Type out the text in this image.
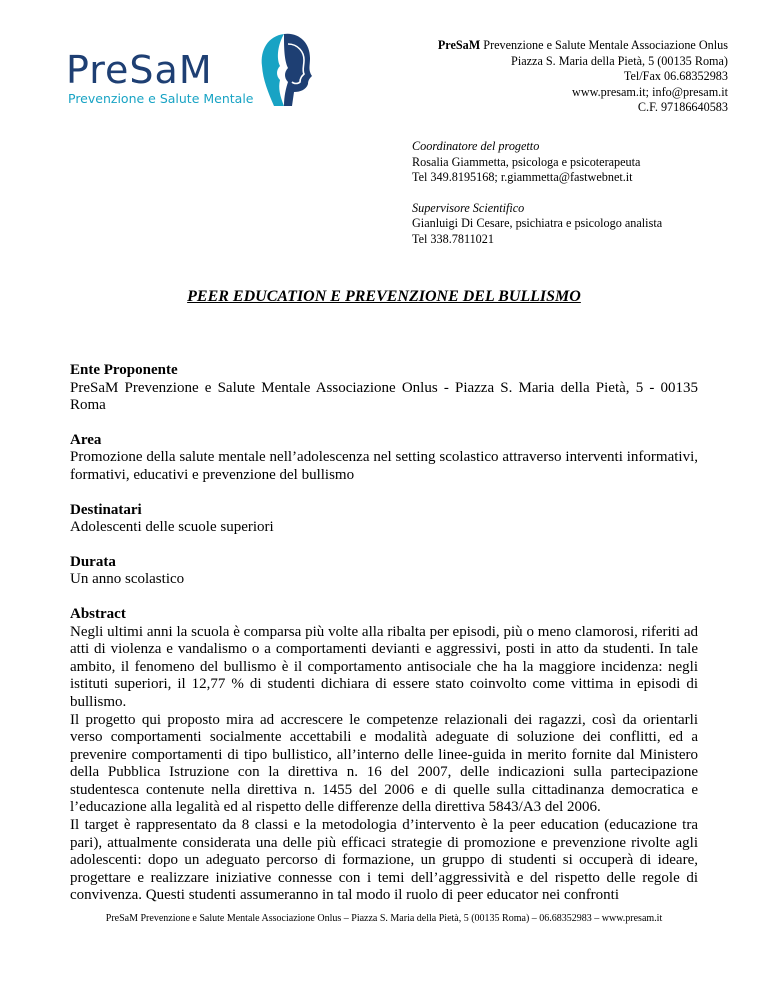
PreSaM
Prevenzione e Salute Mentale
PreSaM Prevenzione e Salute Mentale Associazione Onlus
Piazza S. Maria della Pietà, 5 (00135 Roma)
Tel/Fax 06.68352983
www.presam.it; info@presam.it
C.F. 97186640583
Coordinatore del progetto
Rosalia Giammetta, psicologa e psicoterapeuta
Tel 349.8195168; r.giammetta@fastwebnet.it
Supervisore Scientifico
Gianluigi Di Cesare, psichiatra e psicologo analista
Tel 338.7811021
PEER EDUCATION E PREVENZIONE DEL BULLISMO
Ente Proponente

PreSaM Prevenzione e Salute Mentale Associazione Onlus - Piazza S. Maria della Pietà, 5 - 00135 Roma

Area

Promozione della salute mentale nell’adolescenza nel setting scolastico attraverso interventi informativi, formativi, educativi e prevenzione del bullismo

Destinatari

Adolescenti delle scuole superiori

Durata

Un anno scolastico

Abstract

Negli ultimi anni la scuola è comparsa più volte alla ribalta per episodi, più o meno clamorosi, riferiti ad atti di violenza e vandalismo o a comportamenti devianti e aggressivi, posti in atto da studenti. In tale ambito, il fenomeno del bullismo è il comportamento antisociale che ha la maggiore incidenza: negli istituti superiori, il 12,77 % di studenti dichiara di essere stato coinvolto come vittima in episodi di bullismo.

Il progetto qui proposto mira ad accrescere le competenze relazionali dei ragazzi, così da orientarli verso comportamenti socialmente accettabili e modalità adeguate di soluzione dei conflitti, ed a prevenire comportamenti di tipo bullistico, all’interno delle linee-guida in merito fornite dal Ministero della Pubblica Istruzione con la direttiva n. 16 del 2007, delle indicazioni sulla partecipazione studentesca contenute nella direttiva n. 1455 del 2006 e di quelle sulla cittadinanza democratica e l’educazione alla legalità ed al rispetto delle differenze della direttiva 5843/A3 del 2006.

Il target è rappresentato da 8 classi e la metodologia d’intervento è la peer education (educazione tra pari), attualmente considerata una delle più efficaci strategie di promozione e prevenzione rivolte agli adolescenti: dopo un adeguato percorso di formazione, un gruppo di studenti si occuperà di ideare, progettare e realizzare iniziative connesse con i temi dell’aggressività e del rispetto delle regole di convivenza. Questi studenti assumeranno in tal modo il ruolo di peer educator nei confronti

PreSaM Prevenzione e Salute Mentale Associazione Onlus – Piazza S. Maria della Pietà, 5 (00135 Roma) – 06.68352983 – www.presam.it
